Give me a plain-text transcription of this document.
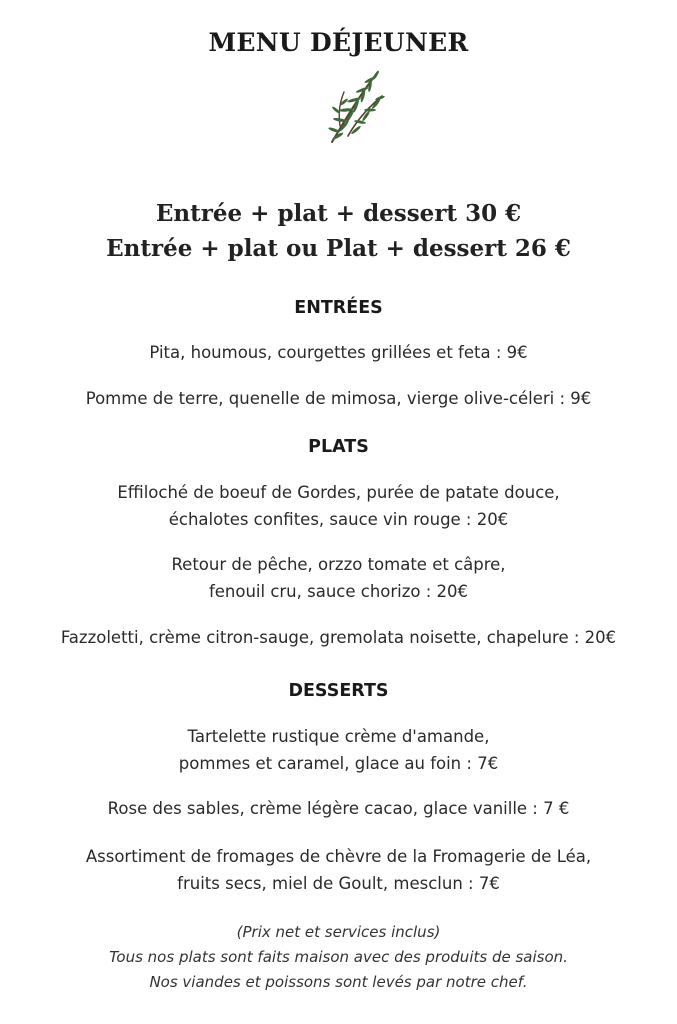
MENU DÉJEUNER
Entrée + plat + dessert 30 €
Entrée + plat ou Plat + dessert 26 €
ENTRÉES
Pita, houmous, courgettes grillées et feta : 9€
Pomme de terre, quenelle de mimosa, vierge olive-céleri : 9€
PLATS
Effiloché de boeuf de Gordes, purée de patate douce,
échalotes confites, sauce vin rouge : 20€
Retour de pêche, orzzo tomate et câpre,
fenouil cru, sauce chorizo : 20€
Fazzoletti, crème citron-sauge, gremolata noisette, chapelure : 20€
DESSERTS
Tartelette rustique crème d'amande,
pommes et caramel, glace au foin : 7€
Rose des sables, crème légère cacao, glace vanille : 7 €
Assortiment de fromages de chèvre de la Fromagerie de Léa,
fruits secs, miel de Goult, mesclun : 7€
(Prix net et services inclus)
Tous nos plats sont faits maison avec des produits de saison.
Nos viandes et poissons sont levés par notre chef.
